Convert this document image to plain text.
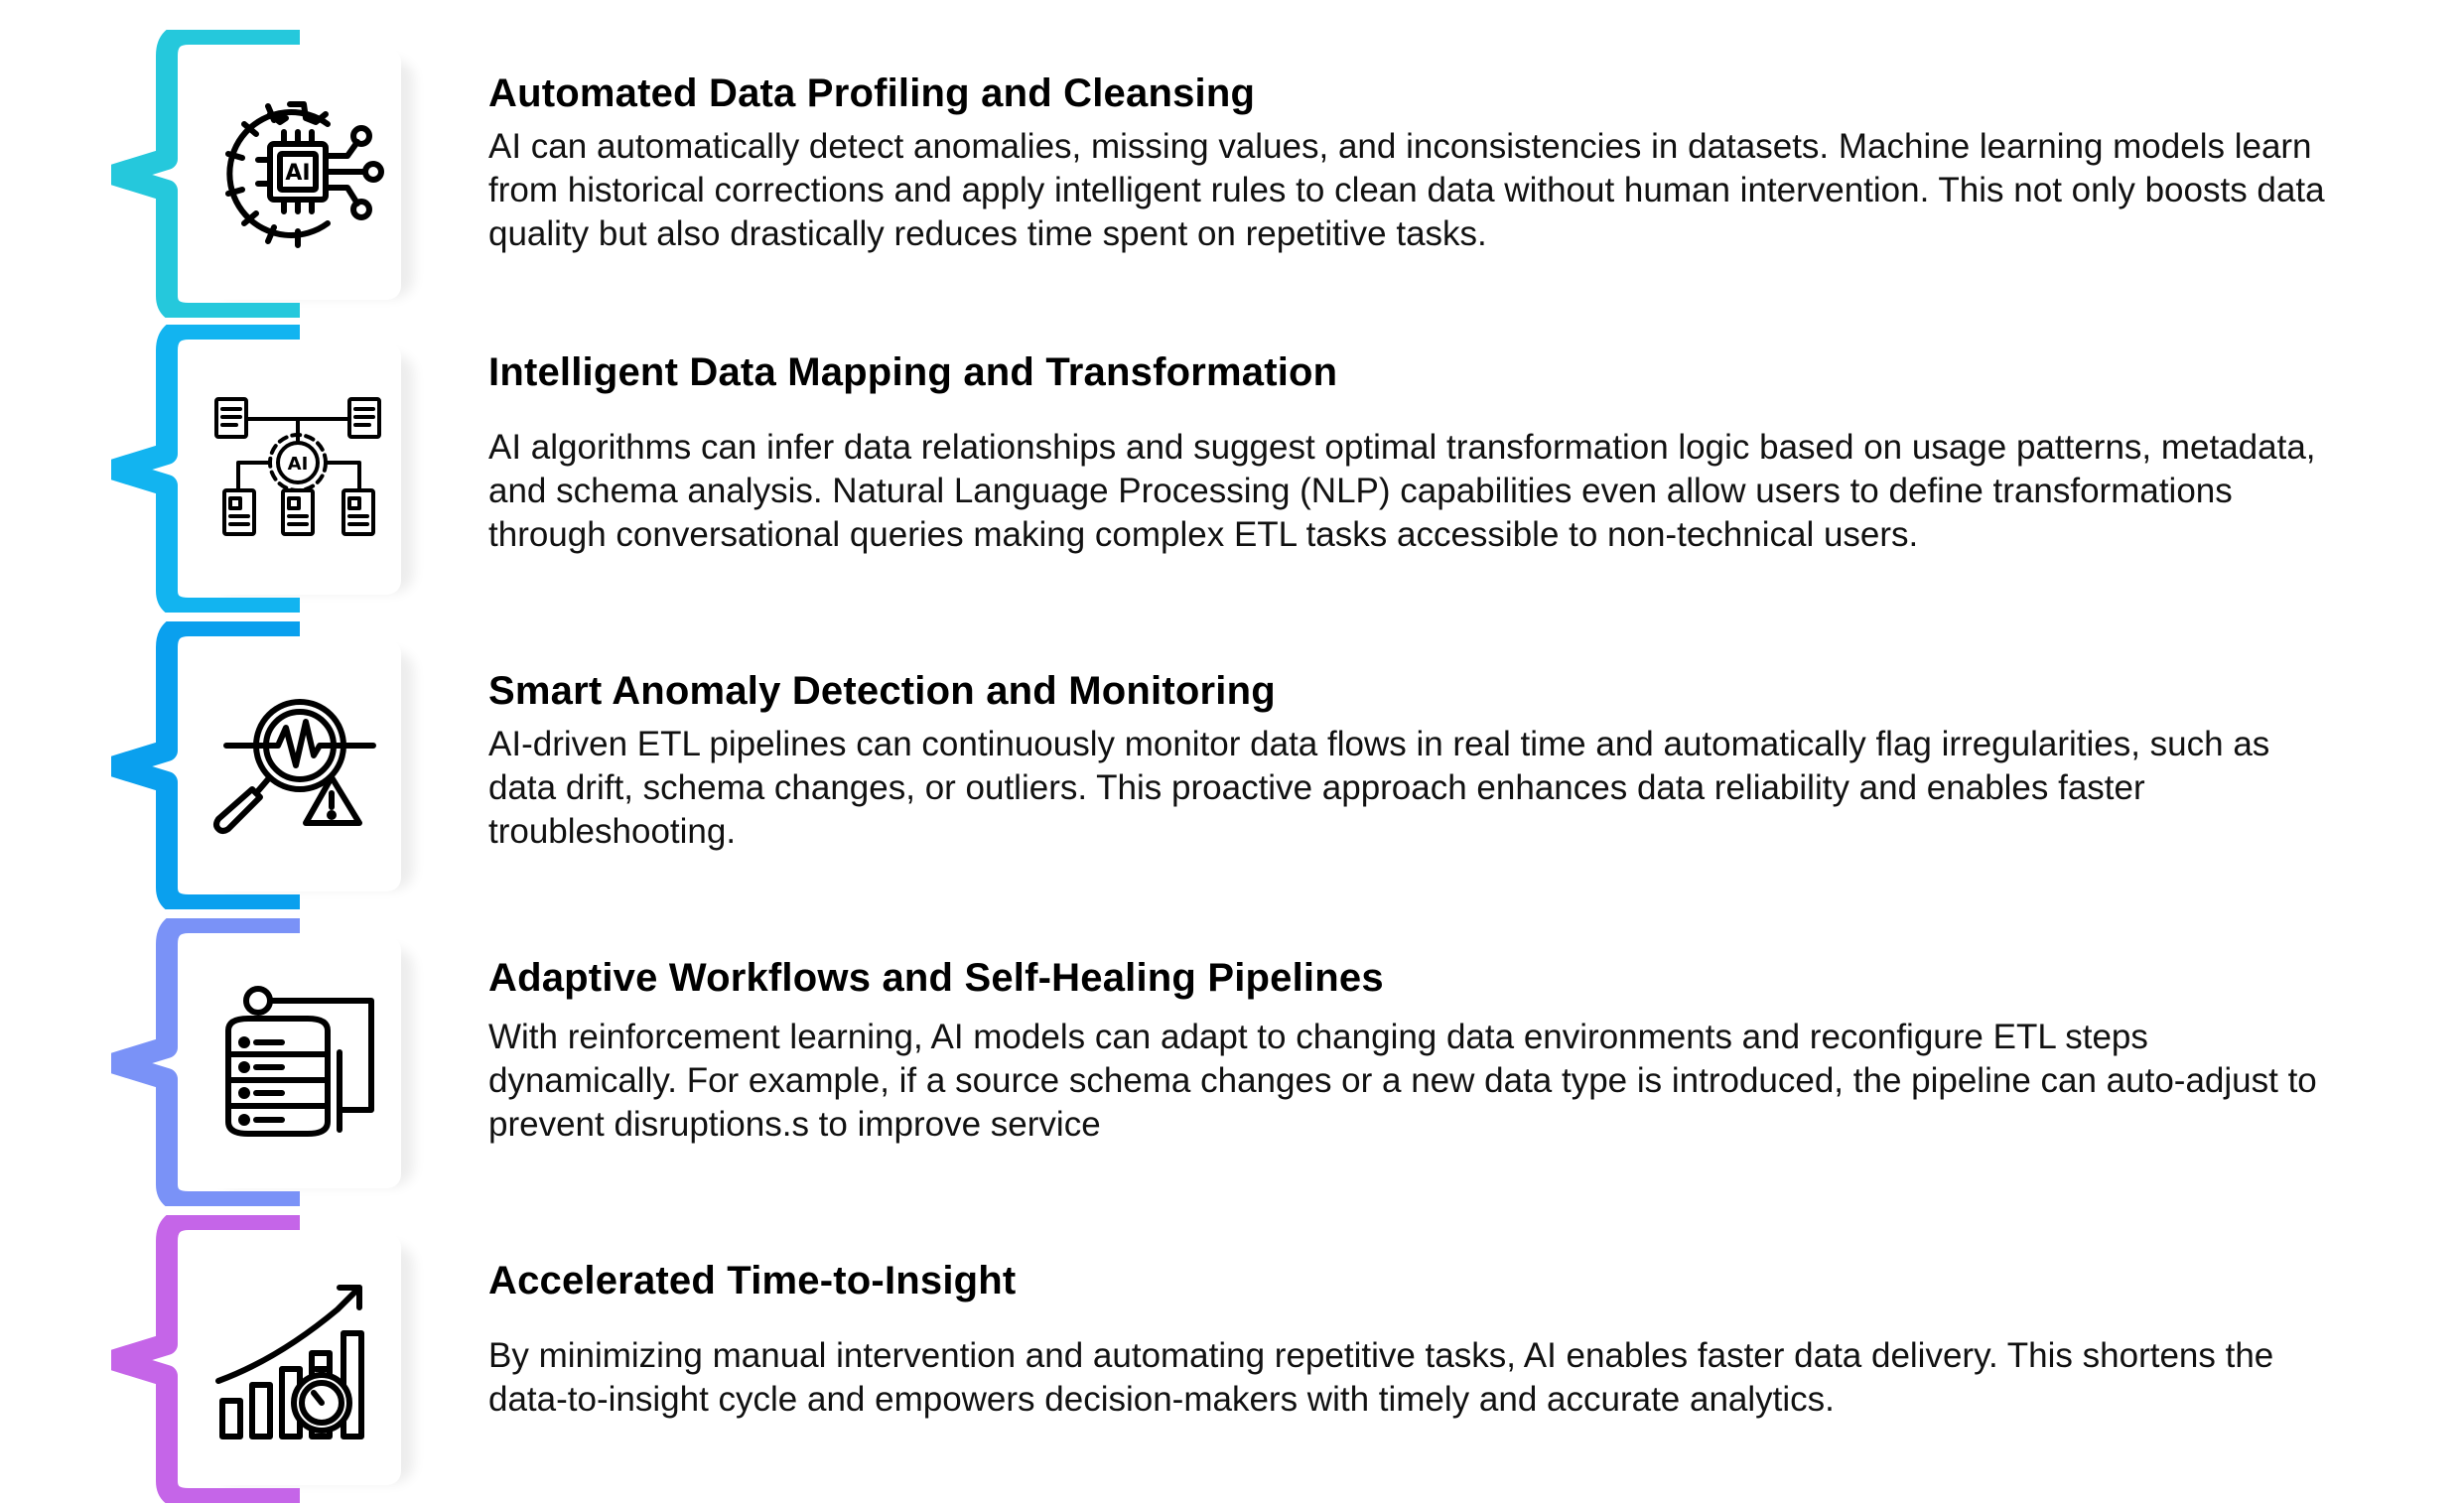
AI

Automated Data Profiling and Cleansing

AI can automatically detect anomalies, missing values, and inconsistencies in datasets. Machine learning models learn from historical corrections and apply intelligent rules to clean data without human intervention. This not only boosts data quality but also drastically reduces time spent on repetitive tasks.

AI

Intelligent Data Mapping and Transformation

AI algorithms can infer data relationships and suggest optimal transformation logic based on usage patterns, metadata, and schema analysis. Natural Language Processing (NLP) capabilities even allow users to define transformations through conversational queries making complex ETL tasks accessible to non-technical users.

Smart Anomaly Detection and Monitoring

AI-driven ETL pipelines can continuously monitor data flows in real time and automatically flag irregularities, such as data drift, schema changes, or outliers. This proactive approach enhances data reliability and enables faster troubleshooting.

Adaptive Workflows and Self-Healing Pipelines

With reinforcement learning, AI models can adapt to changing data environments and reconfigure ETL steps dynamically. For example, if a source schema changes or a new data type is introduced, the pipeline can auto-adjust to prevent disruptions.s to improve service

Accelerated Time-to-Insight

By minimizing manual intervention and automating repetitive tasks, AI enables faster data delivery. This shortens the data-to-insight cycle and empowers decision-makers with timely and accurate analytics.
